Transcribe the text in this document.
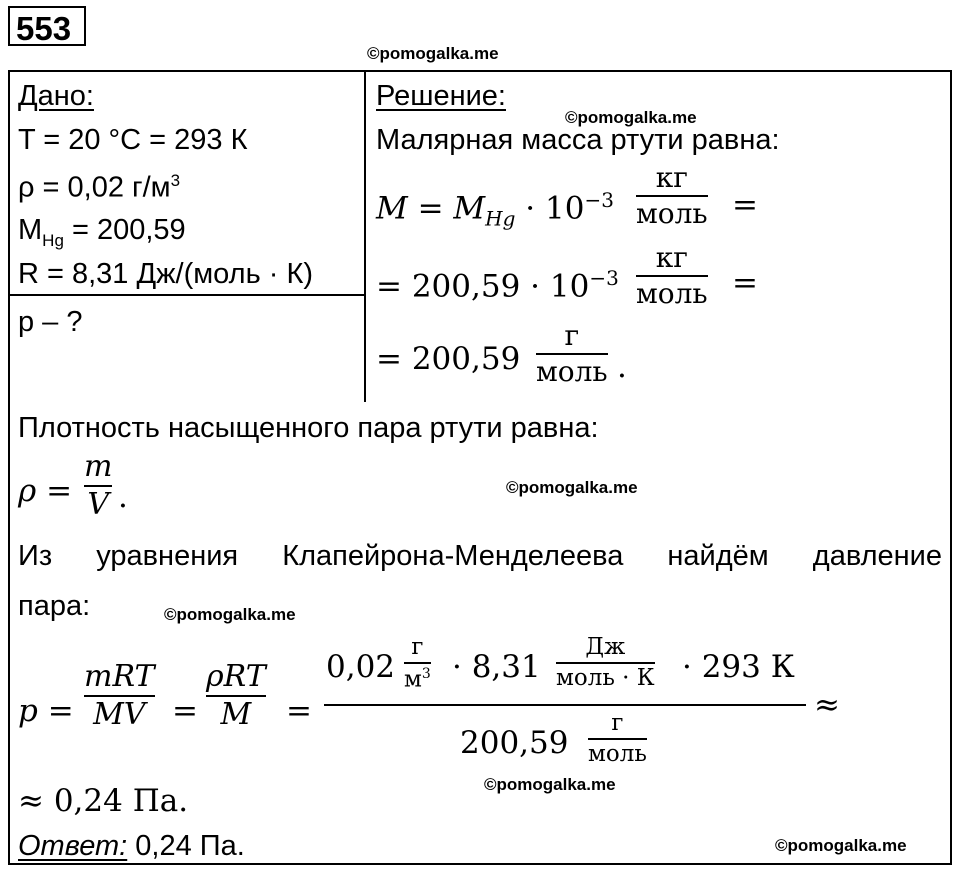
553
©pomogalka.me
©pomogalka.me
©pomogalka.me
©pomogalka.me
©pomogalka.me
©pomogalka.me
Дано:
T = 20 °C = 293 К
ρ = 0,02 $г/м^3$
$M_{Hg} = 200,59$
R = 8,31 Дж/(моль · К)
p – ?
Решение:
Малярная масса ртути равна:
$M = M_{Hg} \cdot 10^{-3}$
кг
моль =
= $200,59 \cdot 10^{-3}$
кг
моль =
= 200,59
г
моль .
Плотность насыщенного пара ртути равна:
ρ =
m
V .
Из уравнения Клапейрона-Менделеева найдём давление
пара:
p =
mRT
MV =
ρRT
M =
0,02
г
$м^3 \cdot 8,31$
Дж
моль · К · 293 К
200,59
г
моль
≈
≈ 0,24 Па.
Ответ: 0,24 Па.
